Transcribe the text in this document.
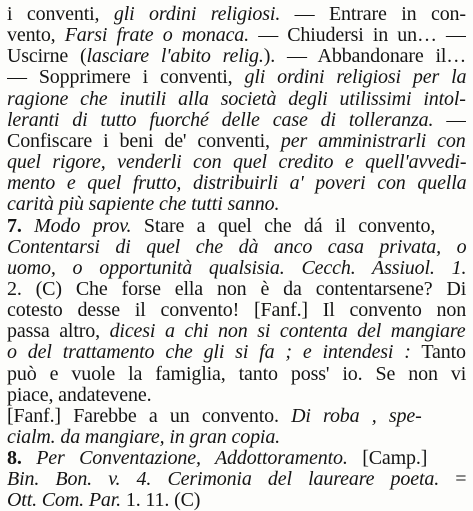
i conventi, gli ordini religiosi. — Entrare in con-
vento, Farsi frate o monaca. — Chiudersi in un… —
Uscirne (lasciare l'abito relig.). — Abbandonare il…
— Sopprimere i conventi, gli ordini religiosi per la
ragione che inutili alla società degli utilissimi intol-
leranti di tutto fuorché delle case di tolleranza. —
Confiscare i beni de' conventi, per amministrarli con
quel rigore, venderli con quel credito e quell'avvedi-
mento e quel frutto, distribuirli a' poveri con quella
carità più sapiente che tutti sanno.
7. Modo prov. Stare a quel che dá il convento,
Contentarsi di quel che dà anco casa privata, o
uomo, o opportunità qualsisia. Cecch. Assiuol. 1.
2. (C) Che forse ella non è da contentarsene? Di
cotesto desse il convento! [Fanf.] Il convento non
passa altro, dicesi a chi non si contenta del mangiare
o del trattamento che gli si fa ; e intendesi : Tanto
può e vuole la famiglia, tanto poss' io. Se non vi
piace, andatevene.
[Fanf.] Farebbe a un convento. Di roba , spe-
cialm. da mangiare, in gran copia.
8. Per Conventazione, Addottoramento. [Camp.]
Bin. Bon. v. 4. Cerimonia del laureare poeta. =
Ott. Com. Par. 1. 11. (C)
